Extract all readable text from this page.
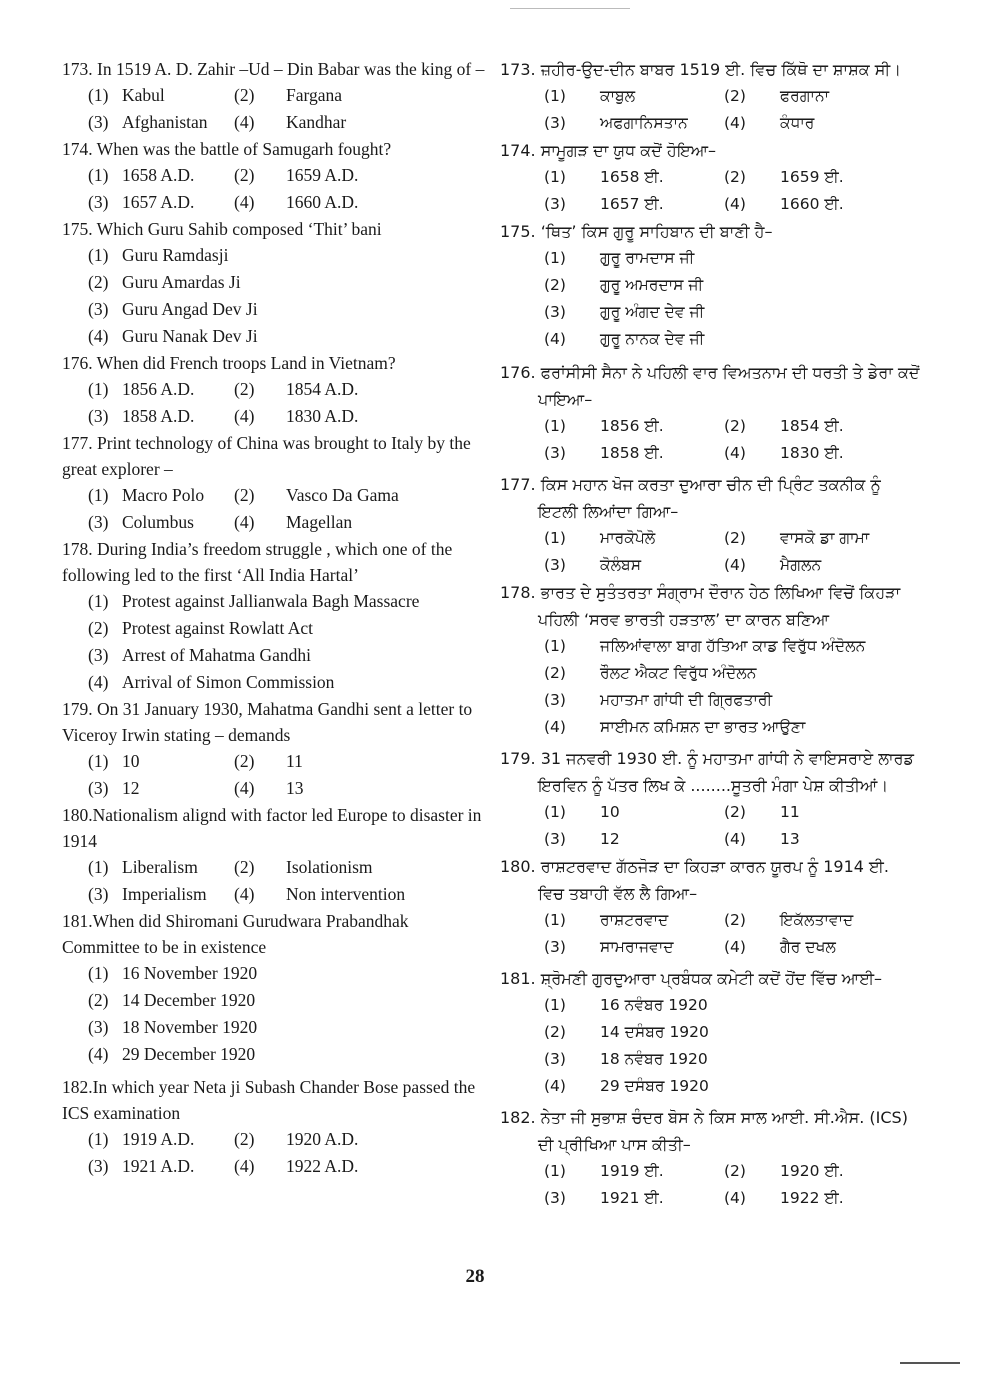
173. In 1519 A. D. Zahir –Ud – Din Babar was the king of –
(1) Kabul	(2)	Fargana
(3) Afghanistan	(4)	Kandhar
174. When was the battle of Samugarh fought?
(1) 1658 A.D.	(2)	1659 A.D.
(3) 1657 A.D.	(4)	1660 A.D.
175. Which Guru Sahib composed ‘Thit’ bani
(1) Guru Ramdasji
(2) Guru Amardas Ji
(3) Guru Angad Dev Ji
(4) Guru Nanak Dev Ji
176. When did French troops Land in Vietnam?
(1) 1856 A.D.	(2)	1854 A.D.
(3) 1858 A.D.	(4)	1830 A.D.
177. Print technology of China was brought to Italy by the great explorer –
(1) Macro Polo	(2)	Vasco Da Gama
(3) Columbus	(4)	Magellan
178. During India’s freedom struggle , which one of the following led to the first ‘All India Hartal’
(1) Protest against Jallianwala Bagh Massacre
(2) Protest against Rowlatt Act
(3) Arrest of Mahatma Gandhi
(4) Arrival of Simon Commission
179. On 31 January 1930, Mahatma Gandhi sent a letter to Viceroy Irwin stating – demands
(1) 10	(2)	11
(3) 12	(4)	13
180.Nationalism alignd with factor led Europe to disaster in 1914
(1) Liberalism	(2)	Isolationism
(3) Imperialism	(4)	Non intervention
181.When did Shiromani Gurudwara Prabandhak Committee to be in existence
(1) 16 November 1920
(2) 14 December 1920
(3) 18 November 1920
(4) 29 December 1920
182.In which year Neta ji Subash Chander Bose passed the ICS examination
(1) 1919 A.D.	(2)	1920 A.D.
(3) 1921 A.D.	(4)	1922 A.D.
173. ਜ਼ਹੀਰ-ਉਦ-ਦੀਨ ਬਾਬਰ 1519 ਈ. ਵਿਚ ਕਿੱਥੋ ਦਾ ਸ਼ਾਸ਼ਕ ਸੀ।
(1)	ਕਾਬੁਲ	(2)	ਫਰਗਾਨਾ
(3)	ਅਫਗਾਨਿਸਤਾਨ	(4)	ਕੰਧਾਰ
174. ਸਾਮੂਗੜ ਦਾ ਯੁਧ ਕਦੋਂ ਹੋਇਆ–
(1)	1658 ਈ.	(2)	1659 ਈ.
(3)	1657 ਈ.	(4)	1660 ਈ.
175. ‘ਥਿਤ’ ਕਿਸ ਗੁਰੂ ਸਾਹਿਬਾਨ ਦੀ ਬਾਣੀ ਹੈ–
(1)	ਗੁਰੂ ਰਾਮਦਾਸ ਜੀ
(2)	ਗੁਰੂ ਅਮਰਦਾਸ ਜੀ
(3)	ਗੁਰੂ ਅੰਗਦ ਦੇਵ ਜੀ
(4)	ਗੁਰੂ ਨਾਨਕ ਦੇਵ ਜੀ
176. ਫਰਾਂਸੀਸੀ ਸੈਨਾ ਨੇ ਪਹਿਲੀ ਵਾਰ ਵਿਅਤਨਾਮ ਦੀ ਧਰਤੀ ਤੇ ਡੇਰਾ ਕਦੋਂ ਪਾਇਆ–
(1)	1856 ਈ.	(2)	1854 ਈ.
(3)	1858 ਈ.	(4)	1830 ਈ.
177. ਕਿਸ ਮਹਾਨ ਖੋਜ ਕਰਤਾ ਦੁਆਰਾ ਚੀਨ ਦੀ ਪ੍ਰਿੰਟ ਤਕਨੀਕ ਨੂੰ ਇਟਲੀ ਲਿਆਂਦਾ ਗਿਆ–
(1)	ਮਾਰਕੋਪੋਲੋ	(2)	ਵਾਸਕੋ ਡਾ ਗਾਮਾ
(3)	ਕੋਲੰਬਸ	(4)	ਮੈਗਲਨ
178. ਭਾਰਤ ਦੇ ਸੁਤੰਤਰਤਾ ਸੰਗ੍ਰਾਮ ਦੌਰਾਨ ਹੇਠ ਲਿਖਿਆ ਵਿਚੋਂ ਕਿਹੜਾ ਪਹਿਲੀ ‘ਸਰਵ ਭਾਰਤੀ ਹੜਤਾਲ’ ਦਾ ਕਾਰਨ ਬਣਿਆ
(1)	ਜਲਿਆਂਵਾਲਾ ਬਾਗ ਹੱਤਿਆ ਕਾਡ ਵਿਰੁੱਧ ਅੰਦੋਲਨ
(2)	ਰੌਲਟ ਐਕਟ ਵਿਰੁੱਧ ਅੰਦੋਲਨ
(3)	ਮਹਾਤਮਾ ਗਾਂਧੀ ਦੀ ਗ੍ਰਿਫਤਾਰੀ
(4)	ਸਾਈਮਨ ਕਮਿਸ਼ਨ ਦਾ ਭਾਰਤ ਆਉਣਾ
179. 31 ਜਨਵਰੀ 1930 ਈ. ਨੂੰ ਮਹਾਤਮਾ ਗਾਂਧੀ ਨੇ ਵਾਇਸਰਾਏ ਲਾਰਡ ਇਰਵਿਨ ਨੂੰ ਪੱਤਰ ਲਿਖ ਕੇ ........ਸੂਤਰੀ ਮੰਗਾ ਪੇਸ਼ ਕੀਤੀਆਂ।
(1)	10	(2)	11
(3)	12	(4)	13
180. ਰਾਸ਼ਟਰਵਾਦ ਗੱਠਜੋੜ ਦਾ ਕਿਹੜਾ ਕਾਰਨ ਯੂਰਪ ਨੂੰ 1914 ਈ. ਵਿਚ ਤਬਾਹੀ ਵੱਲ ਲੈ ਗਿਆ–
(1)	ਰਾਸ਼ਟਰਵਾਦ	(2)	ਇਕੱਲਤਾਵਾਦ
(3)	ਸਾਮਰਾਜਵਾਦ	(4)	ਗੈਰ ਦਖਲ
181. ਸ਼੍ਰੋਮਣੀ ਗੁਰਦੁਆਰਾ ਪ੍ਰਬੰਧਕ ਕਮੇਟੀ ਕਦੋਂ ਹੋਂਦ ਵਿੱਚ ਆਈ–
(1)	16 ਨਵੰਬਰ 1920
(2)	14 ਦਸੰਬਰ 1920
(3)	18 ਨਵੰਬਰ 1920
(4)	29 ਦਸੰਬਰ 1920
182. ਨੇਤਾ ਜੀ ਸੁਭਾਸ਼ ਚੰਦਰ ਬੋਸ ਨੇ ਕਿਸ ਸਾਲ ਆਈ. ਸੀ.ਐਸ. (ICS) ਦੀ ਪ੍ਰੀਖਿਆ ਪਾਸ ਕੀਤੀ–
(1)	1919 ਈ.	(2)	1920 ਈ.
(3)	1921 ਈ.	(4)	1922 ਈ.
28
